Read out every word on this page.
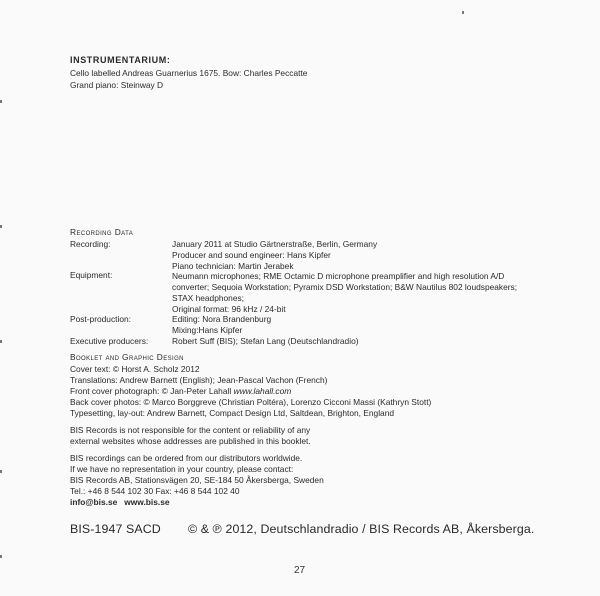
INSTRUMENTARIUM:
Cello labelled Andreas Guarnerius 1675. Bow: Charles Peccatte
Grand piano: Steinway D
Recording Data
Recording:	January 2011 at Studio Gärtnerstraße, Berlin, Germany
Producer and sound engineer: Hans Kipfer
Piano technician: Martin Jerabek
Equipment:	Neumann microphones; RME Octamic D microphone preamplifier and high resolution A/D
converter; Sequoia Workstation; Pyramix DSD Workstation; B&W Nautilus 802 loudspeakers;
STAX headphones;
Original format: 96 kHz / 24-bit
Post-production:	Editing: Nora Brandenburg
Mixing:Hans Kipfer
Executive producers:	Robert Suff (BIS); Stefan Lang (Deutschlandradio)
Booklet and Graphic Design
Cover text: © Horst A. Scholz 2012
Translations: Andrew Barnett (English); Jean-Pascal Vachon (French)
Front cover photograph: © Jan-Peter Lahall www.lahall.com
Back cover photos: © Marco Borggreve (Christian Poltéra), Lorenzo Cicconi Massi (Kathryn Stott)
Typesetting, lay-out: Andrew Barnett, Compact Design Ltd, Saltdean, Brighton, England
BIS Records is not responsible for the content or reliability of any
external websites whose addresses are published in this booklet.
BIS recordings can be ordered from our distributors worldwide.
If we have no representation in your country, please contact:
BIS Records AB, Stationsvägen 20, SE-184 50 Åkersberga, Sweden
Tel.: +46 8 544 102 30 Fax: +46 8 544 102 40
info@bis.se www.bis.se
BIS-1947 SACD © & ℗ 2012, Deutschlandradio / BIS Records AB, Åkersberga.
27
